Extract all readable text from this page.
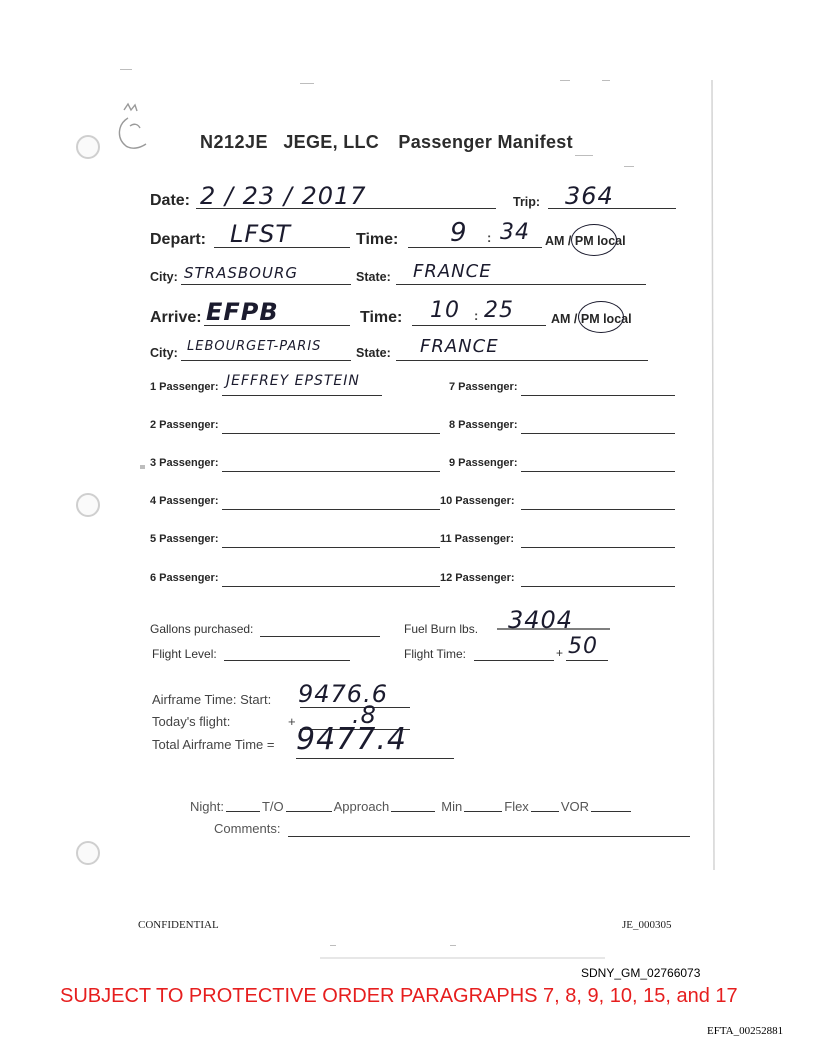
N212JE JEGE, LLC Passenger Manifest
Date: 2 / 23 / 2017	Trip: 364
Depart: LFST	Time: 9 : 34 AM / PM local
City: STRASBOURG	State: FRANCE
Arrive: EFPB	Time: 10 : 25	AM / PM local
City: LEBOURGET-PARIS	State: FRANCE
1 Passenger: JEFFREY EPSTEIN
2 Passenger:
3 Passenger:
4 Passenger:
5 Passenger:
6 Passenger:
7 Passenger:
8 Passenger:
9 Passenger:
10 Passenger:
11 Passenger:
12 Passenger:
Gallons purchased:	Fuel Burn lbs. 3404
Flight Level:	Flight Time:	+ 50
Airframe Time: Start: 9476.6
Today's flight:	+ .8
Total Airframe Time = 9477.4
Night:	T/O	Approach	Min	Flex VOR
Comments:
CONFIDENTIAL	JE_000305
SDNY_GM_02766073
SUBJECT TO PROTECTIVE ORDER PARAGRAPHS 7, 8, 9, 10, 15, and 17
EFTA_00252881
